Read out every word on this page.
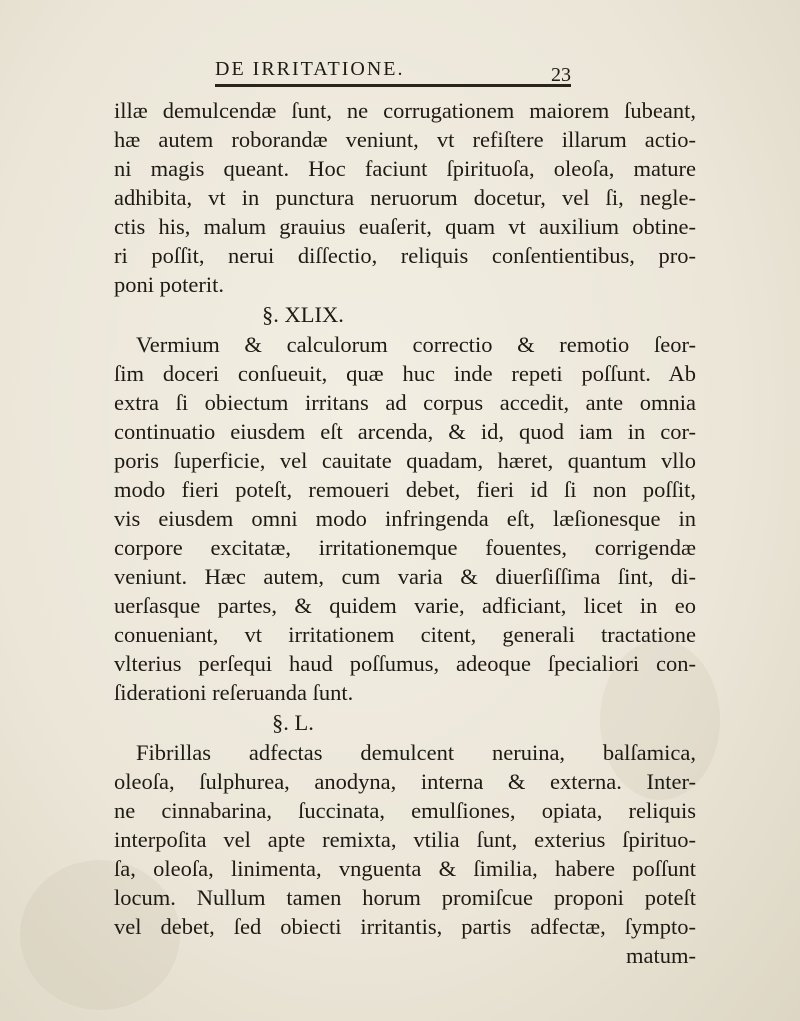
DE IRRITATIONE.	23
illæ demulcendæ ſunt, ne corrugationem maiorem ſubeant,
hæ autem roborandæ veniunt, vt refiſtere illarum actio-
ni magis queant. Hoc faciunt ſpirituoſa, oleoſa, mature
adhibita, vt in punctura neruorum docetur, vel ſi, negle-
ctis his, malum grauius euaſerit, quam vt auxilium obtine-
ri poſſit, nerui diſſectio, reliquis conſentientibus, pro-
poni poterit.
§. XLIX.
Vermium & calculorum correctio & remotio ſeor-
ſim doceri conſueuit, quæ huc inde repeti poſſunt. Ab
extra ſi obiectum irritans ad corpus accedit, ante omnia
continuatio eiusdem eſt arcenda, & id, quod iam in cor-
poris ſuperficie, vel cauitate quadam, hæret, quantum vllo
modo fieri poteſt, remoueri debet, fieri id ſi non poſſit,
vis eiusdem omni modo infringenda eſt, læſionesque in
corpore excitatæ, irritationemque fouentes, corrigendæ
veniunt. Hæc autem, cum varia & diuerſiſſima ſint, di-
uerſasque partes, & quidem varie, adficiant, licet in eo
conueniant, vt irritationem citent, generali tractatione
vlterius perſequi haud poſſumus, adeoque ſpecialiori con-
ſiderationi reſeruanda ſunt.
§. L.
Fibrillas adfectas demulcent neruina, balſamica,
oleoſa, ſulphurea, anodyna, interna & externa. Inter-
ne cinnabarina, ſuccinata, emulſiones, opiata, reliquis
interpoſita vel apte remixta, vtilia ſunt, exterius ſpirituo-
ſa, oleoſa, linimenta, vnguenta & ſimilia, habere poſſunt
locum. Nullum tamen horum promiſcue proponi poteſt
vel debet, ſed obiecti irritantis, partis adfectæ, ſympto-
matum-
